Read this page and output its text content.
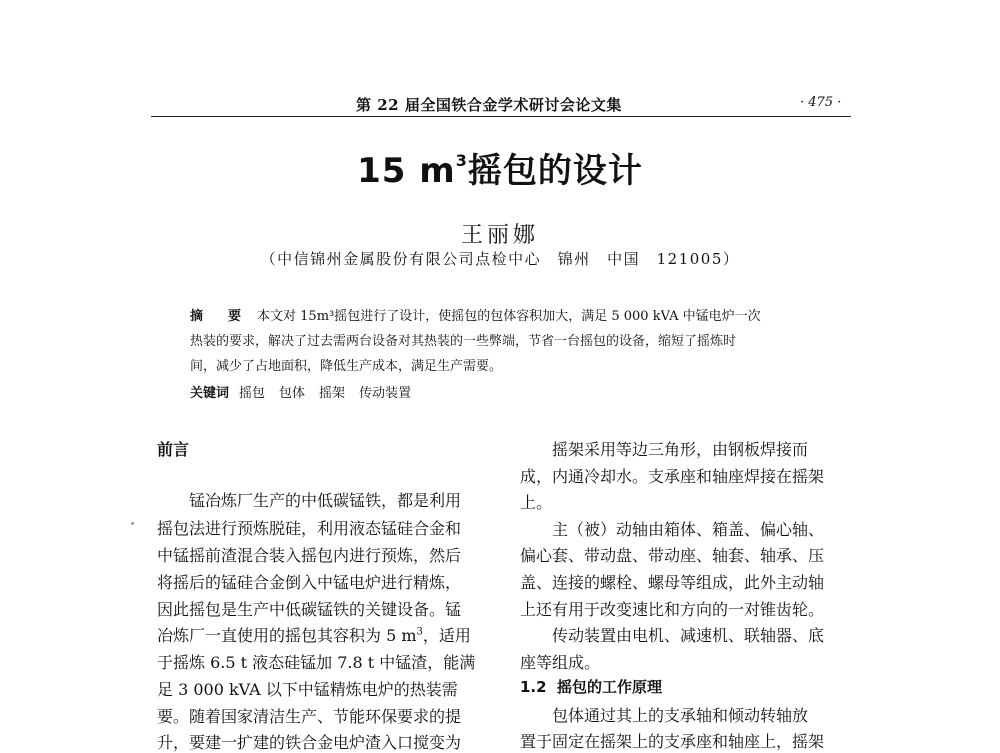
第 22 届全国铁合金学术研讨会论文集	· 475 ·
15 $m^3$摇包的设计
王丽娜
（中信锦州金属股份有限公司点检中心　锦州　中国　121005）
摘　要 本文对 15m³摇包进行了设计，使摇包的包体容积加大，满足 5 000 kVA 中锰电炉一次
热装的要求，解决了过去需两台设备对其热装的一些弊端，节省一台摇包的设备，缩短了摇炼时
间，减少了占地面积，降低生产成本，满足生产需要。
关键词 摇包 包体 摇架 传动装置
前言
锰冶炼厂生产的中低碳锰铁，都是利用
摇包法进行预炼脱硅，利用液态锰硅合金和
中锰摇前渣混合装入摇包内进行预炼，然后
将摇后的锰硅合金倒入中锰电炉进行精炼，
因此摇包是生产中低碳锰铁的关键设备。锰
冶炼厂一直使用的摇包其容积为 5 $m^3$，适用
于摇炼 6.5 t 液态硅锰加 7.8 t 中锰渣，能满
足 3 000 kVA 以下中锰精炼电炉的热装需
要。随着国家清洁生产、节能环保要求的提
升，要建一扩建的铁合金电炉渣入口搅变为
摇架采用等边三角形，由钢板焊接而
成，内通冷却水。支承座和轴座焊接在摇架
上。
主（被）动轴由箱体、箱盖、偏心轴、
偏心套、带动盘、带动座、轴套、轴承、压
盖、连接的螺栓、螺母等组成，此外主动轴
上还有用于改变速比和方向的一对锥齿轮。
传动装置由电机、减速机、联轴器、底
座等组成。
1.2 摇包的工作原理
包体通过其上的支承轴和倾动转轴放
置于固定在摇架上的支承座和轴座上，摇架
